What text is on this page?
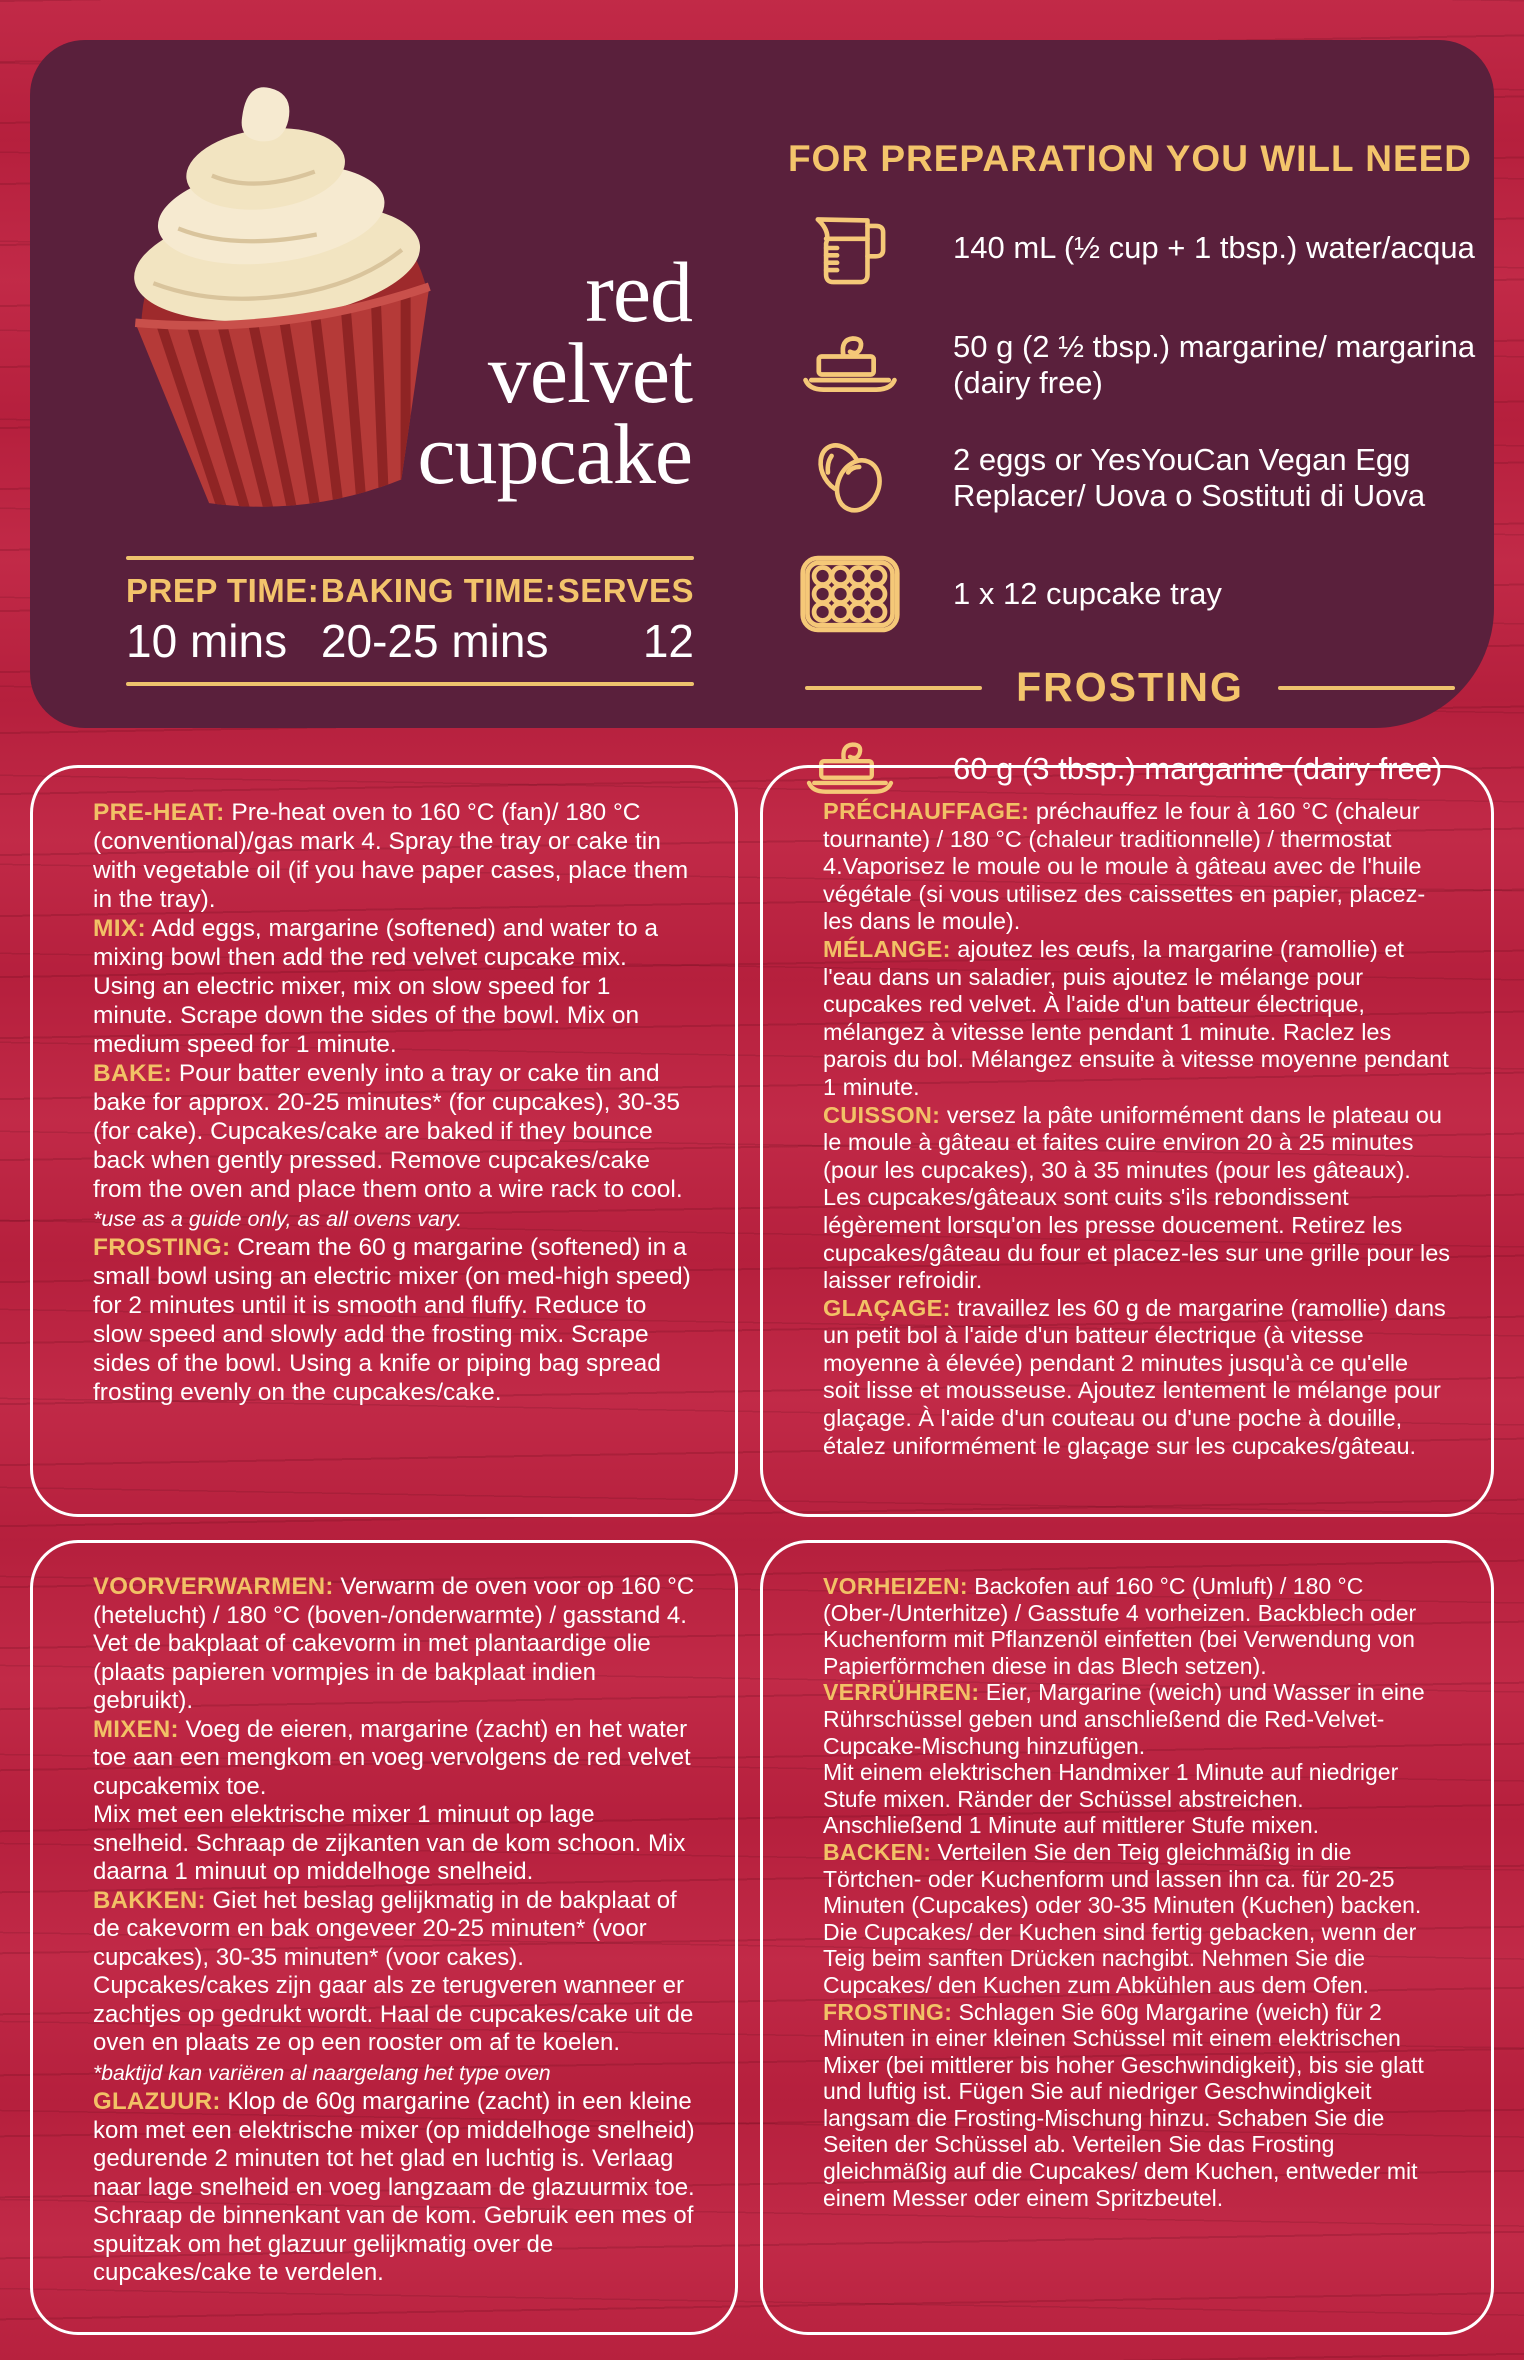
red
velvet
cupcake
PREP TIME:
10 mins
BAKING TIME:
20-25 mins
SERVES
12
FOR PREPARATION YOU WILL NEED
140 mL (½ cup + 1 tbsp.) water/acqua
50 g (2 ½ tbsp.) margarine/ margarina (dairy free)
2 eggs or YesYouCan Vegan Egg Replacer/ Uova o Sostituti di Uova
1 x 12 cupcake tray
FROSTING
60 g (3 tbsp.) margarine (dairy free)

PRE-HEAT: Pre-heat oven to 160 °C (fan)/ 180 °C (conventional)/gas mark 4. Spray the tray or cake tin with vegetable oil (if you have paper cases, place them in the tray).

MIX: Add eggs, margarine (softened) and water to a mixing bowl then add the red velvet cupcake mix. Using an electric mixer, mix on slow speed for 1 minute. Scrape down the sides of the bowl. Mix on medium speed for 1 minute.

BAKE: Pour batter evenly into a tray or cake tin and bake for approx. 20-25 minutes* (for cupcakes), 30-35 (for cake). Cupcakes/cake are baked if they bounce back when gently pressed. Remove cupcakes/cake from the oven and place them onto a wire rack to cool.

*use as a guide only, as all ovens vary.

FROSTING: Cream the 60 g margarine (softened) in a small bowl using an electric mixer (on med-high speed) for 2 minutes until it is smooth and fluffy. Reduce to slow speed and slowly add the frosting mix. Scrape sides of the bowl. Using a knife or piping bag spread frosting evenly on the cupcakes/cake.

PRÉCHAUFFAGE: préchauffez le four à 160 °C (chaleur tournante) / 180 °C (chaleur traditionnelle) / thermostat 4.Vaporisez le moule ou le moule à gâteau avec de l'huile végétale (si vous utilisez des caissettes en papier, placez-les dans le moule).

MÉLANGE: ajoutez les œufs, la margarine (ramollie) et l'eau dans un saladier, puis ajoutez le mélange pour cupcakes red velvet. À l'aide d'un batteur électrique, mélangez à vitesse lente pendant 1 minute. Raclez les parois du bol. Mélangez ensuite à vitesse moyenne pendant 1 minute.

CUISSON: versez la pâte uniformément dans le plateau ou le moule à gâteau et faites cuire environ 20 à 25 minutes (pour les cupcakes), 30 à 35 minutes (pour les gâteaux). Les cupcakes/gâteaux sont cuits s'ils rebondissent légèrement lorsqu'on les presse doucement. Retirez les cupcakes/gâteau du four et placez-les sur une grille pour les laisser refroidir.

GLAÇAGE: travaillez les 60 g de margarine (ramollie) dans un petit bol à l'aide d'un batteur électrique (à vitesse moyenne à élevée) pendant 2 minutes jusqu'à ce qu'elle soit lisse et mousseuse. Ajoutez lentement le mélange pour glaçage. À l'aide d'un couteau ou d'une poche à douille, étalez uniformément le glaçage sur les cupcakes/gâteau.

VOORVERWARMEN: Verwarm de oven voor op 160 °C (hetelucht) / 180 °C (boven-/onderwarmte) / gasstand 4. Vet de bakplaat of cakevorm in met plantaardige olie (plaats papieren vormpjes in de bakplaat indien gebruikt).

MIXEN: Voeg de eieren, margarine (zacht) en het water toe aan een mengkom en voeg vervolgens de red velvet cupcakemix toe.

Mix met een elektrische mixer 1 minuut op lage snelheid. Schraap de zijkanten van de kom schoon. Mix daarna 1 minuut op middelhoge snelheid.

BAKKEN: Giet het beslag gelijkmatig in de bakplaat of de cakevorm en bak ongeveer 20-25 minuten* (voor cupcakes), 30-35 minuten* (voor cakes). Cupcakes/cakes zijn gaar als ze terugveren wanneer er zachtjes op gedrukt wordt. Haal de cupcakes/cake uit de oven en plaats ze op een rooster om af te koelen. *baktijd kan variëren al naargelang het type oven

GLAZUUR: Klop de 60g margarine (zacht) in een kleine kom met een elektrische mixer (op middelhoge snelheid) gedurende 2 minuten tot het glad en luchtig is. Verlaag naar lage snelheid en voeg langzaam de glazuurmix toe. Schraap de binnenkant van de kom. Gebruik een mes of spuitzak om het glazuur gelijkmatig over de cupcakes/cake te verdelen.

VORHEIZEN: Backofen auf 160 °C (Umluft) / 180 °C (Ober-/Unterhitze) / Gasstufe 4 vorheizen. Backblech oder Kuchenform mit Pflanzenöl einfetten (bei Verwendung von Papierförmchen diese in das Blech setzen).

VERRÜHREN: Eier, Margarine (weich) und Wasser in eine Rührschüssel geben und anschließend die Red-Velvet-Cupcake-Mischung hinzufügen.

Mit einem elektrischen Handmixer 1 Minute auf niedriger Stufe mixen. Ränder der Schüssel abstreichen.

Anschließend 1 Minute auf mittlerer Stufe mixen.

BACKEN: Verteilen Sie den Teig gleichmäßig in die Törtchen- oder Kuchenform und lassen ihn ca. für 20-25 Minuten (Cupcakes) oder 30-35 Minuten (Kuchen) backen. Die Cupcakes/ der Kuchen sind fertig gebacken, wenn der Teig beim sanften Drücken nachgibt. Nehmen Sie die Cupcakes/ den Kuchen zum Abkühlen aus dem Ofen.

FROSTING: Schlagen Sie 60g Margarine (weich) für 2 Minuten in einer kleinen Schüssel mit einem elektrischen Mixer (bei mittlerer bis hoher Geschwindigkeit), bis sie glatt und luftig ist. Fügen Sie auf niedriger Geschwindigkeit langsam die Frosting-Mischung hinzu. Schaben Sie die Seiten der Schüssel ab. Verteilen Sie das Frosting gleichmäßig auf die Cupcakes/ dem Kuchen, entweder mit einem Messer oder einem Spritzbeutel.
